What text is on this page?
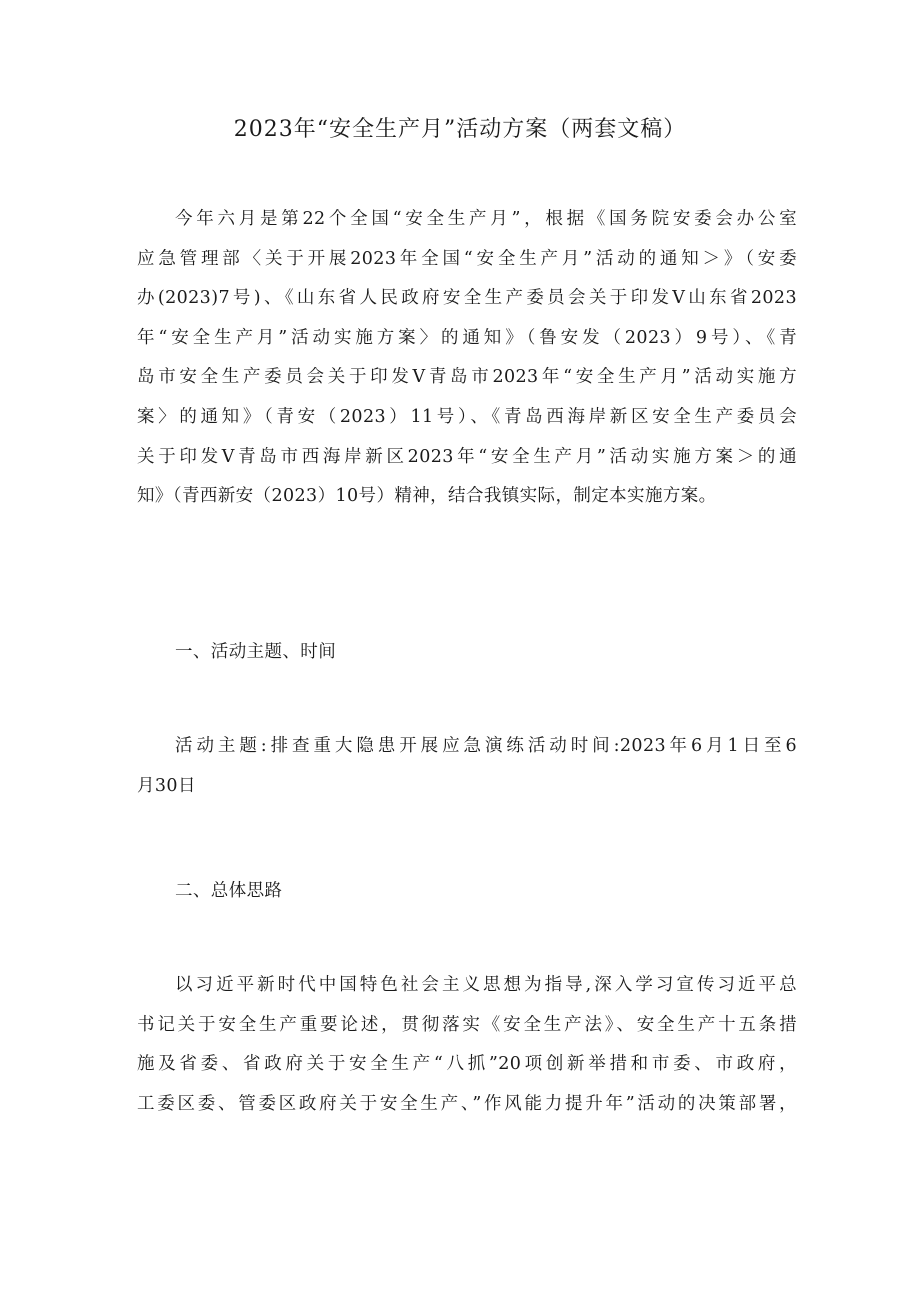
2023年“安全生产月”活动方案（两套文稿）

今年六月是第22个全国“安全生产月”，根据《国务院安委会办公室
应急管理部〈关于开展2023年全国“安全生产月”活动的通知＞》（安委
办(2023)7号)、《山东省人民政府安全生产委员会关于印发V山东省2023
年“安全生产月”活动实施方案〉的通知》（鲁安发（2023）9号）、《青
岛市安全生产委员会关于印发V青岛市2023年“安全生产月”活动实施方
案〉的通知》（青安（2023）11号）、《青岛西海岸新区安全生产委员会
关于印发V青岛市西海岸新区2023年“安全生产月”活动实施方案＞的通
知》（青西新安（2023）10号）精神，结合我镇实际，制定本实施方案。

一、活动主题、时间

活动主题:排查重大隐患开展应急演练活动时间:2023年6月1日至6
月30日

二、总体思路

以习近平新时代中国特色社会主义思想为指导,深入学习宣传习近平总
书记关于安全生产重要论述，贯彻落实《安全生产法》、安全生产十五条措
施及省委、省政府关于安全生产“八抓”20项创新举措和市委、市政府，
工委区委、管委区政府关于安全生产、”作风能力提升年”活动的决策部署，
